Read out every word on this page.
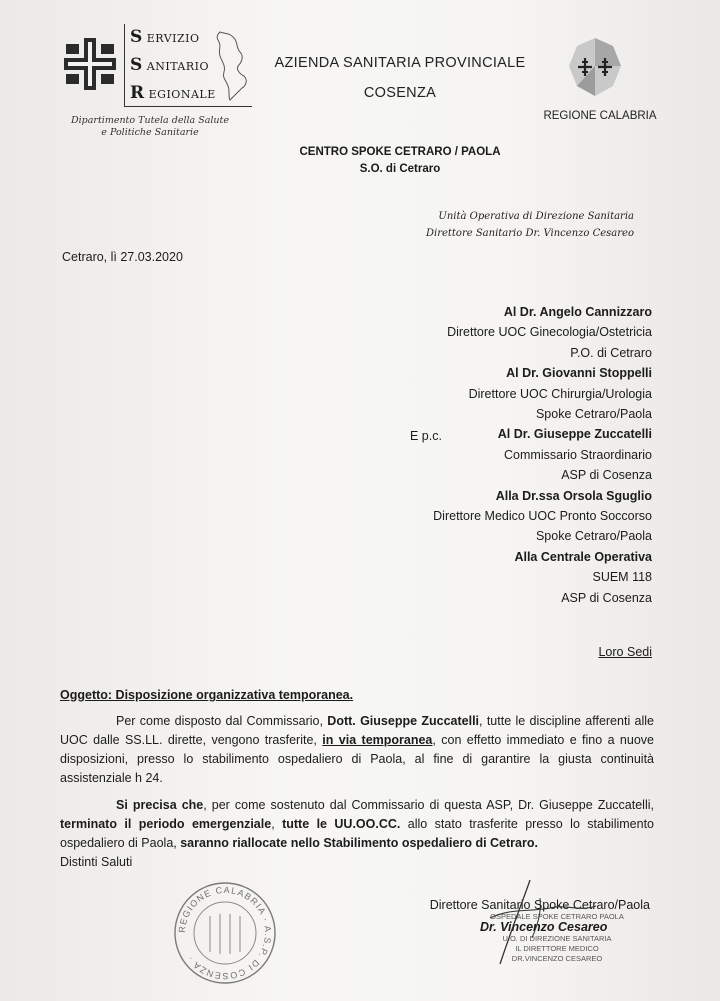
S ERVIZIO
S ANITARIO
R EGIONALE
Dipartimento Tutela della Salute
e Politiche Sanitarie
AZIENDA SANITARIA PROVINCIALE
COSENZA
REGIONE CALABRIA
CENTRO SPOKE CETRARO / PAOLA
S.O. di Cetraro
Unità Operativa di Direzione Sanitaria
Direttore Sanitario Dr. Vincenzo Cesareo
Cetraro, lì 27.03.2020
Al Dr. Angelo Cannizzaro
Direttore UOC Ginecologia/Ostetricia
P.O. di Cetraro
Al Dr. Giovanni Stoppelli
Direttore UOC Chirurgia/Urologia
Spoke Cetraro/Paola
Al Dr. Giuseppe Zuccatelli
Commissario Straordinario
ASP di Cosenza
Alla Dr.ssa Orsola Sguglio
Direttore Medico UOC Pronto Soccorso
Spoke Cetraro/Paola
Alla Centrale Operativa
SUEM 118
ASP di Cosenza
E p.c.
Loro Sedi
Oggetto: Disposizione organizzativa temporanea.
Per come disposto dal Commissario, Dott. Giuseppe Zuccatelli, tutte le discipline afferenti alle UOC dalle SS.LL. dirette, vengono trasferite, in via temporanea, con effetto immediato e fino a nuove disposizioni, presso lo stabilimento ospedaliero di Paola, al fine di garantire la giusta continuità assistenziale h 24.
Si precisa che, per come sostenuto dal Commissario di questa ASP, Dr. Giuseppe Zuccatelli, terminato il periodo emergenziale, tutte le UU.OO.CC. allo stato trasferite presso lo stabilimento ospedaliero di Paola, saranno riallocate nello Stabilimento ospedaliero di Cetraro.
Distinti Saluti
REGIONE CALABRIA · A.S.P. DI COSENZA ·
Direttore Sanitario Spoke Cetraro/Paola
OSPEDALE SPOKE CETRARO PAOLA
U.O. DI DIREZIONE SANITARIA
IL DIRETTORE MEDICO
DR.VINCENZO CESAREO
Dr. Vincenzo Cesareo
